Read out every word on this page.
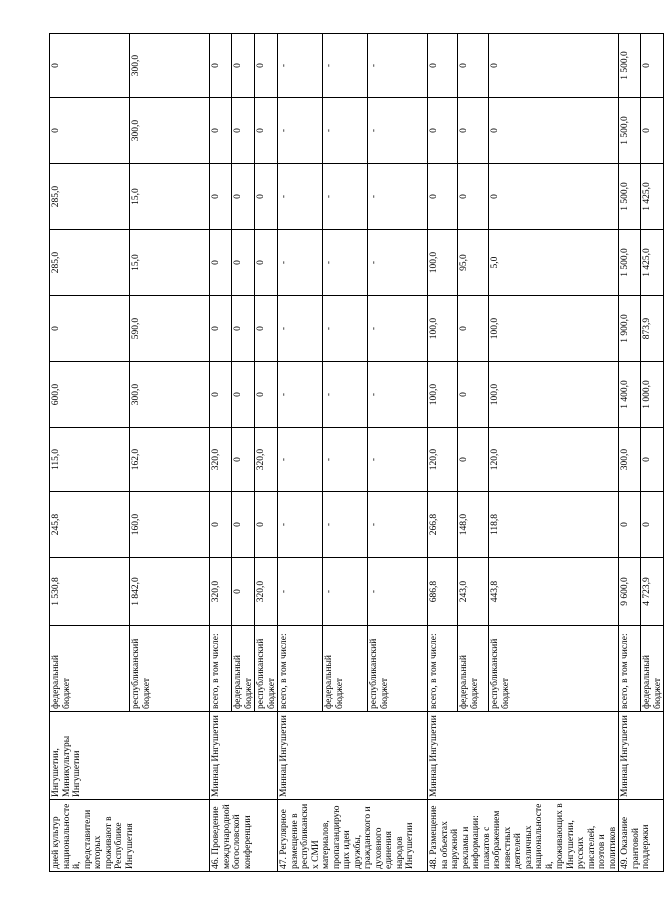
дней культур национальностей, представители которых проживают в Республике Ингушетия	Ингушетии, Миникультуры Ингушетии	федеральный бюджет	1 530,8	245,8	115,0	600,0	0	285,0	285,0	0	0
		республиканский бюджет	1 842,0	160,0	162,0	300,0	590,0	15,0	15,0	300,0	300,0
46. Проведение международной богословской конференции	Миннац Ингушетии	всего, в том числе:	320,0	0	320,0	0	0	0	0	0	0
		федеральный бюджет	0	0	0	0	0	0	0	0	0
		республиканский бюджет	320,0	0	320,0	0	0	0	0	0	0
47. Регулярное размещение в республиканских СМИ материалов, пропагандирующих идеи дружбы, гражданского и духовного единения народов Ингушетии	Миннац Ингушетии	всего, в том числе:	-	-	-	-	-	-	-	-	-
		федеральный бюджет	-	-	-	-	-	-	-	-	-
		республиканский бюджет	-	-	-	-	-	-	-	-	-
48. Размещение на объектах наружной рекламы и информации: плакатов с изображением известных деятелей различных национальностей, проживающих в Ингушетии, русских писателей, поэтов и политиков	Миннац Ингушетии	всего, в том числе:	686,8	266,8	120,0	100,0	100,0	100,0	0	0	0
		федеральный бюджет	243,0	148,0	0	0	0	95,0	0	0	0
		республиканский бюджет	443,8	118,8	120,0	100,0	100,0	5,0	0	0	0
49. Оказание грантовой поддержки	Миннац Ингушетии	всего, в том числе:	9 600,0	0	300,0	1 400,0	1 900,0	1 500,0	1 500,0	1 500,0	1 500,0
		федеральный бюджет	4 723,9	0	0	1 000,0	873,9	1 425,0	1 425,0	0	0
